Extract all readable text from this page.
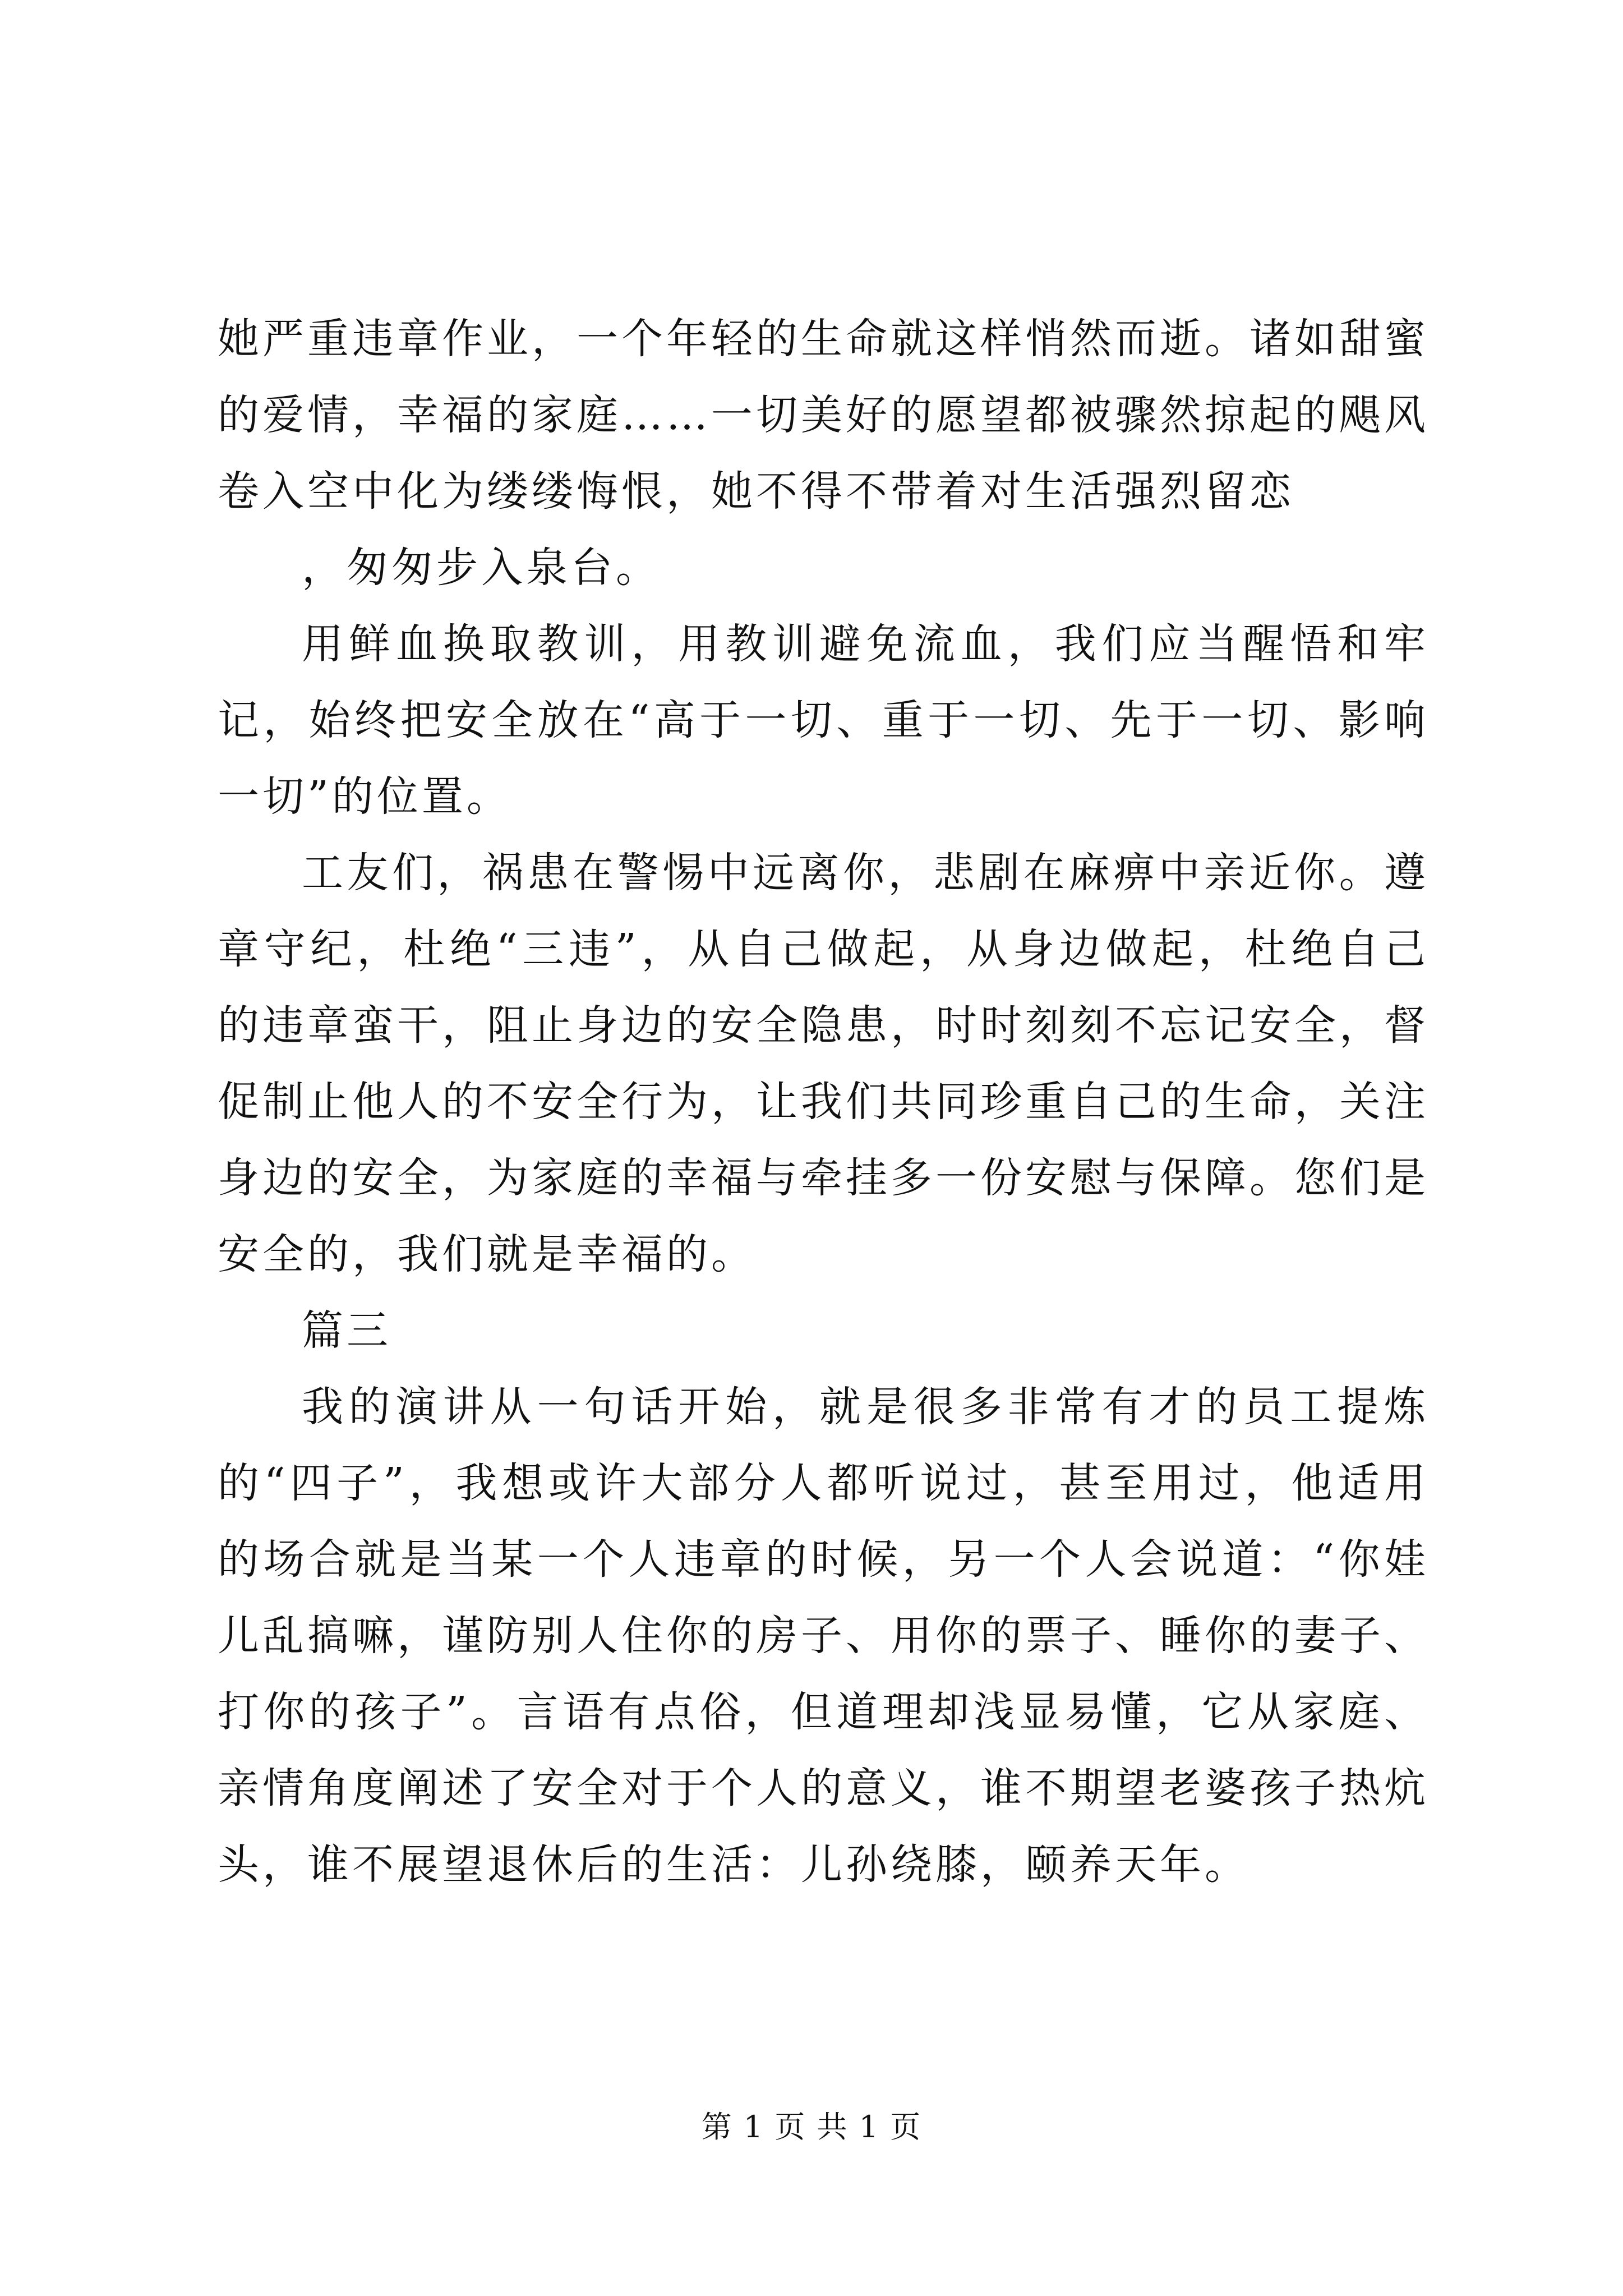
她严重违章作业，一个年轻的生命就这样悄然而逝。诸如甜蜜的爱情，幸福的家庭……一切美好的愿望都被骤然掠起的飓风卷入空中化为缕缕悔恨，她不得不带着对生活强烈留恋

，匆匆步入泉台。

用鲜血换取教训，用教训避免流血，我们应当醒悟和牢记，始终把安全放在“高于一切、重于一切、先于一切、影响一切”的位置。

工友们，祸患在警惕中远离你，悲剧在麻痹中亲近你。遵章守纪，杜绝“三违”，从自己做起，从身边做起，杜绝自己的违章蛮干，阻止身边的安全隐患，时时刻刻不忘记安全，督促制止他人的不安全行为，让我们共同珍重自己的生命，关注身边的安全，为家庭的幸福与牵挂多一份安慰与保障。您们是安全的，我们就是幸福的。

篇三

我的演讲从一句话开始，就是很多非常有才的员工提炼的“四子”，我想或许大部分人都听说过，甚至用过，他适用的场合就是当某一个人违章的时候，另一个人会说道：“你娃儿乱搞嘛，谨防别人住你的房子、用你的票子、睡你的妻子、打你的孩子”。言语有点俗，但道理却浅显易懂，它从家庭、亲情角度阐述了安全对于个人的意义，谁不期望老婆孩子热炕头，谁不展望退休后的生活：儿孙绕膝，颐养天年。

第 1 页 共 1 页
